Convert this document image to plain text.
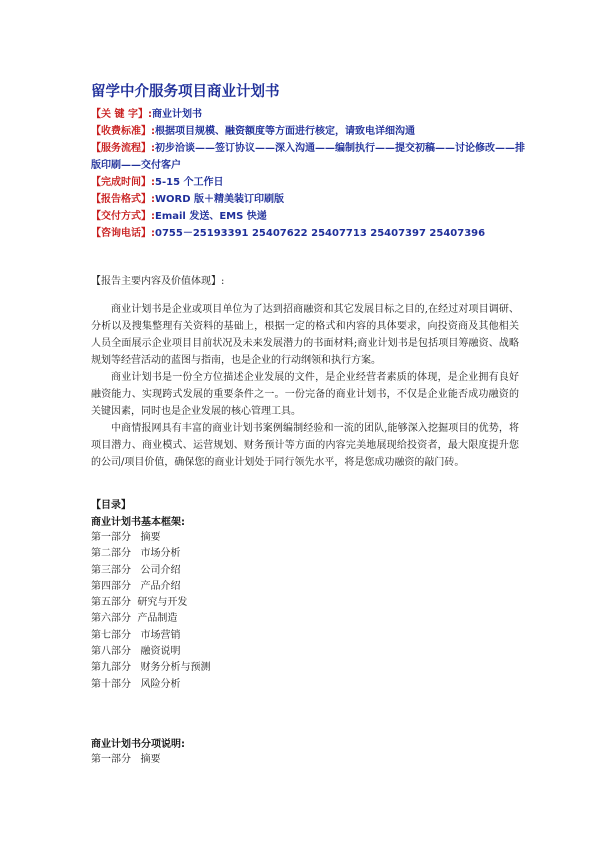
留学中介服务项目商业计划书
【关 键 字】:商业计划书
【收费标准】:根据项目规模、融资额度等方面进行核定，请致电详细沟通
【服务流程】:初步洽谈——签订协议——深入沟通——编制执行——提交初稿——讨论修改——排版印刷——交付客户
【完成时间】:5-15 个工作日
【报告格式】:WORD 版＋精美装订印刷版
【交付方式】:Email 发送、EMS 快递
【咨询电话】:0755－25193391 25407622 25407713 25407397 25407396
【报告主要内容及价值体现】:

商业计划书是企业或项目单位为了达到招商融资和其它发展目标之目的,在经过对项目调研、分析以及搜集整理有关资料的基础上，根据一定的格式和内容的具体要求，向投资商及其他相关人员全面展示企业项目目前状况及未来发展潜力的书面材料;商业计划书是包括项目筹融资、战略规划等经营活动的蓝图与指南，也是企业的行动纲领和执行方案。

商业计划书是一份全方位描述企业发展的文件，是企业经营者素质的体现，是企业拥有良好融资能力、实现跨式发展的重要条件之一。一份完备的商业计划书，不仅是企业能否成功融资的关键因素，同时也是企业发展的核心管理工具。

中商情报网具有丰富的商业计划书案例编制经验和一流的团队,能够深入挖掘项目的优势，将项目潜力、商业模式、运营规划、财务预计等方面的内容完美地展现给投资者，最大限度提升您的公司/项目价值，确保您的商业计划处于同行领先水平，将是您成功融资的敲门砖。

【目录】
商业计划书基本框架:
第一部分   摘要
第二部分   市场分析
第三部分   公司介绍
第四部分   产品介绍
第五部分  研究与开发
第六部分  产品制造
第七部分   市场营销
第八部分   融资说明
第九部分   财务分析与预测
第十部分   风险分析
商业计划书分项说明:
第一部分   摘要
